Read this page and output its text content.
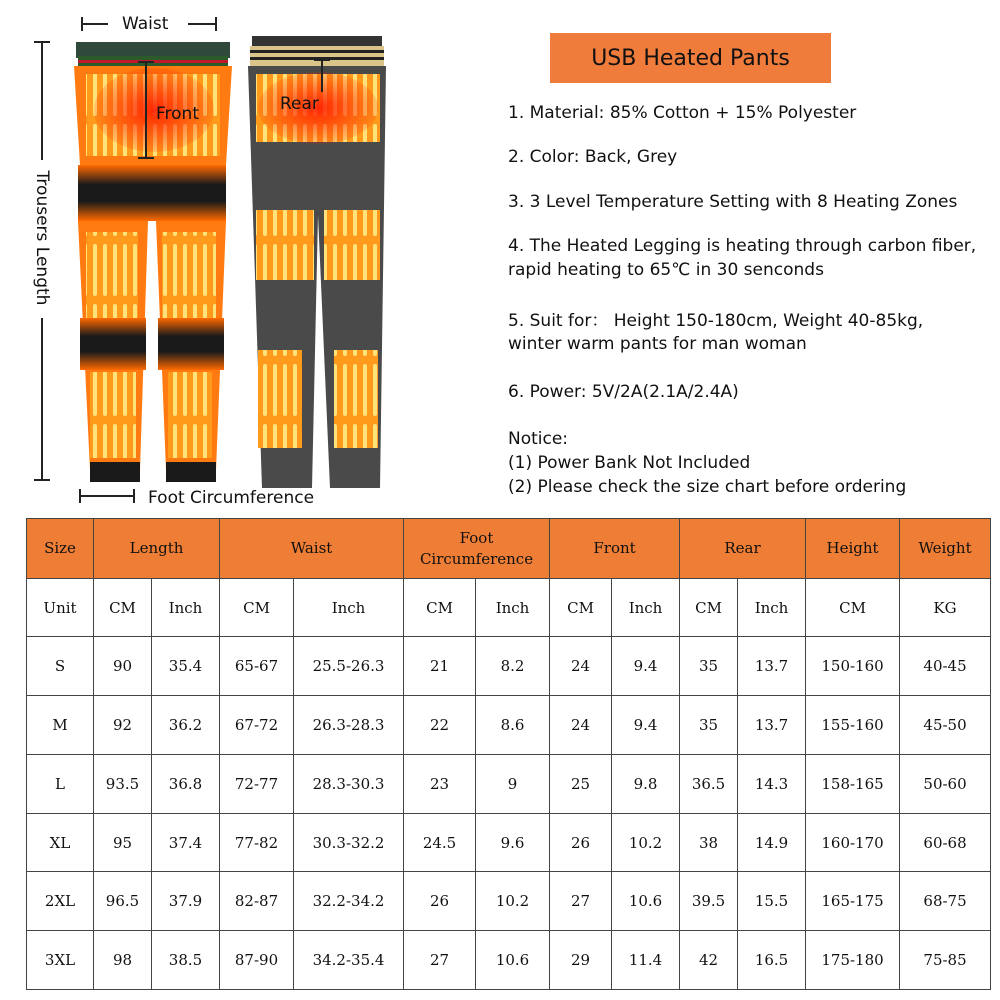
Waist
Front	Rear
Trousers Length
Foot Circumference
USB Heated Pants
1. Material: 85% Cotton + 15% Polyester
2. Color: Back, Grey
3. 3 Level Temperature Setting with 8 Heating Zones
4. The Heated Legging is heating through carbon fiber,
rapid heating to 65℃ in 30 senconds
5. Suit for： Height 150-180cm, Weight 40-85kg,
winter warm pants for man woman
6. Power: 5V/2A(2.1A/2.4A)
Notice:
(1) Power Bank Not Included
(2) Please check the size chart before ordering
Size	Length		Waist		Foot
Circumference		Front		Rear		Height	Weight
Unit	CM	Inch	CM	Inch	CM	Inch	CM	Inch	CM	Inch	CM	KG
S	90	35.4	65-67	25.5-26.3	21	8.2	24	9.4	35	13.7	150-160	40-45
M	92	36.2	67-72	26.3-28.3	22	8.6	24	9.4	35	13.7	155-160	45-50
L	93.5	36.8	72-77	28.3-30.3	23	9	25	9.8	36.5	14.3	158-165	50-60
XL	95	37.4	77-82	30.3-32.2	24.5	9.6	26	10.2	38	14.9	160-170	60-68
2XL	96.5	37.9	82-87	32.2-34.2	26	10.2	27	10.6	39.5	15.5	165-175	68-75
3XL	98	38.5	87-90	34.2-35.4	27	10.6	29	11.4	42	16.5	175-180	75-85
